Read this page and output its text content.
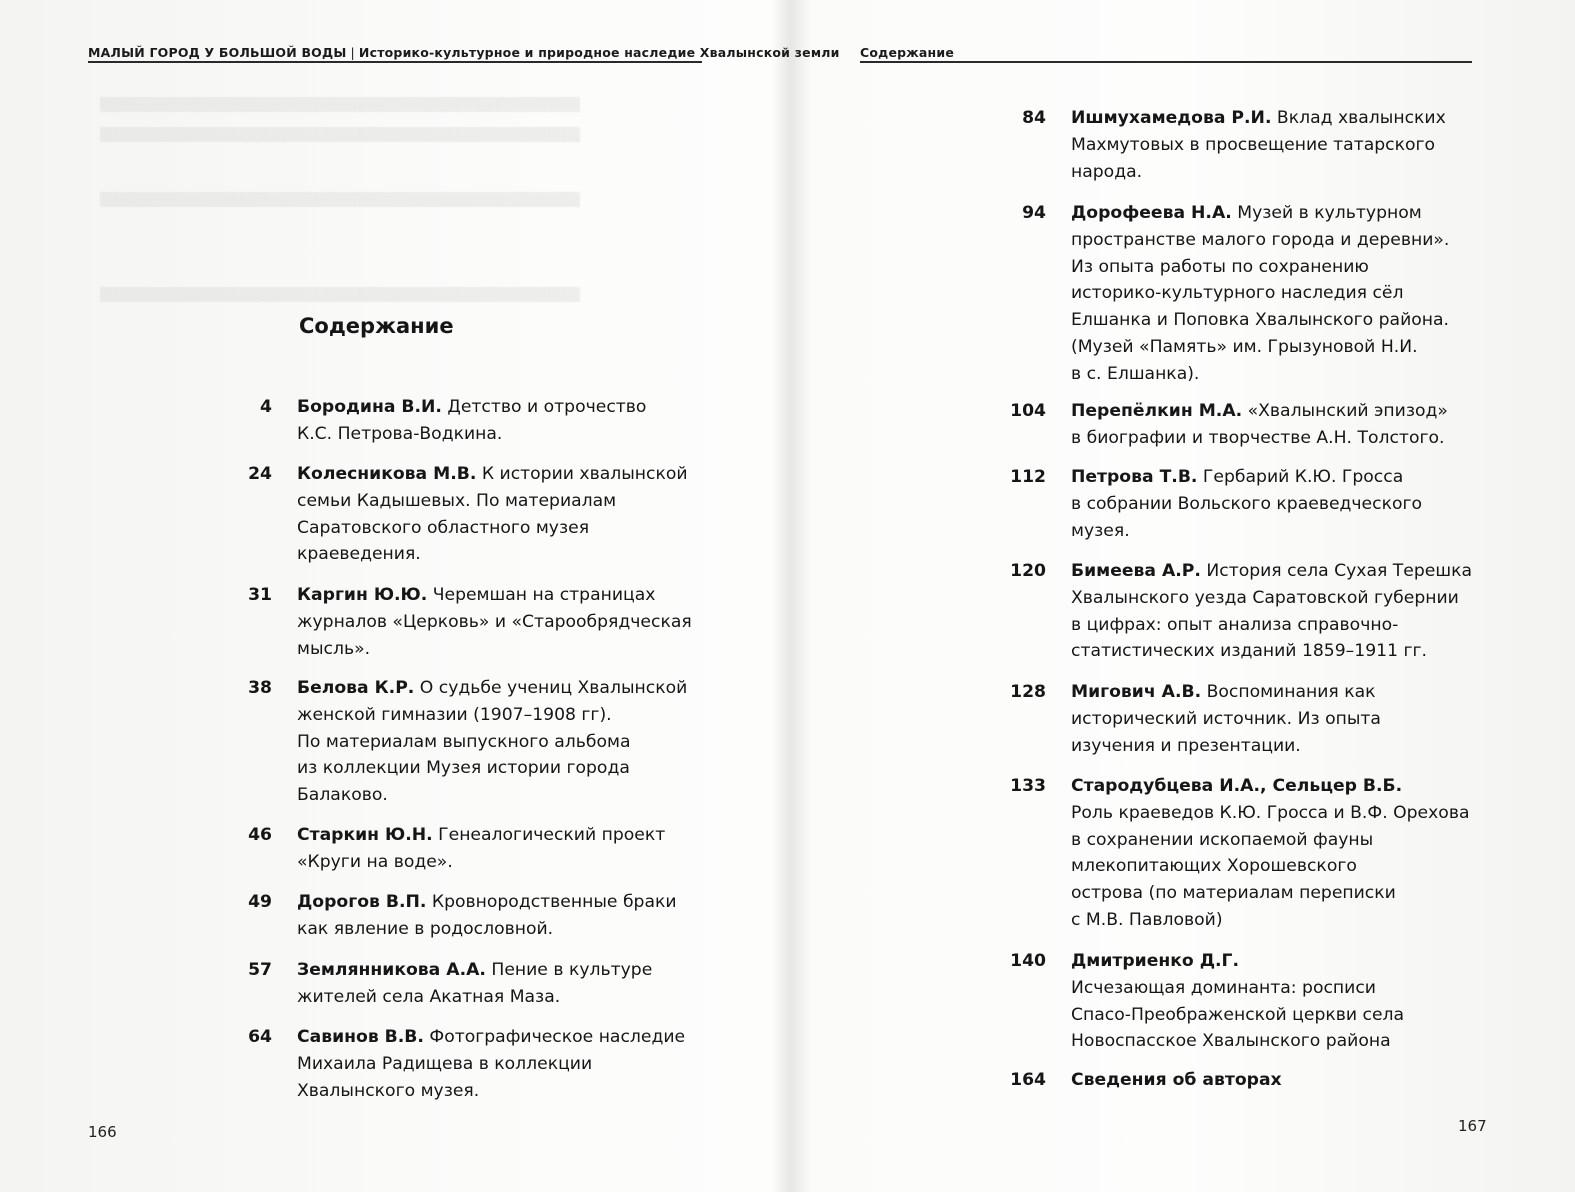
▒▒▒▒▒▒▒▒▒▒▒▒▒▒▒▒▒▒▒▒▒▒▒▒▒▒▒▒▒▒▒▒▒▒▒▒▒▒▒▒▒▒▒▒▒▒▒▒
▒▒▒▒▒▒▒▒▒▒▒▒▒▒▒▒▒▒▒▒▒▒▒▒▒▒▒▒▒▒▒▒▒▒▒▒▒▒▒▒▒▒▒▒▒▒▒▒
▒▒▒▒▒▒▒▒▒▒▒▒▒▒▒▒▒▒▒▒▒▒▒▒▒▒▒▒▒▒▒▒▒▒▒▒▒▒▒▒▒▒▒▒▒▒▒▒
▒▒▒▒▒▒▒▒▒▒▒▒▒▒▒▒▒▒▒▒▒▒▒▒▒▒▒▒▒▒▒▒▒▒▒▒▒▒▒▒▒▒▒▒▒▒▒▒
МАЛЫЙ ГОРОД У БОЛЬШОЙ ВОДЫ | Историко-культурное и природное наследие Хвалынской земли
Содержание
4 Бородина В.И. Детство и отрочество
К.С. Петрова-Водкина.
24 Колесникова М.В. К истории хвалынской
семьи Кадышевых. По материалам
Саратовского областного музея
краеведения.
31 Каргин Ю.Ю. Черемшан на страницах
журналов «Церковь» и «Старообрядческая
мысль».
38 Белова К.Р. О судьбе учениц Хвалынской
женской гимназии (1907–1908 гг).
По материалам выпускного альбома
из коллекции Музея истории города
Балаково.
46 Старкин Ю.Н. Генеалогический проект
«Круги на воде».
49 Дорогов В.П. Кровнородственные браки
как явление в родословной.
57 Землянникова А.А. Пение в культуре
жителей села Акатная Маза.
64 Савинов В.В. Фотографическое наследие
Михаила Радищева в коллекции
Хвалынского музея.
166
Содержание
84 Ишмухамедова Р.И. Вклад хвалынских
Махмутовых в просвещение татарского
народа.
94 Дорофеева Н.А. Музей в культурном
пространстве малого города и деревни».
Из опыта работы по сохранению
историко-культурного наследия сёл
Елшанка и Поповка Хвалынского района.
(Музей «Память» им. Грызуновой Н.И.
в с. Елшанка).
104 Перепёлкин М.А. «Хвалынский эпизод»
в биографии и творчестве А.Н. Толстого.
112 Петрова Т.В. Гербарий К.Ю. Гросса
в собрании Вольского краеведческого
музея.
120 Бимеева А.Р. История села Сухая Терешка
Хвалынского уезда Саратовской губернии
в цифрах: опыт анализа справочно-
статистических изданий 1859–1911 гг.
128 Мигович А.В. Воспоминания как
исторический источник. Из опыта
изучения и презентации.
133 Стародубцева И.А., Сельцер В.Б.
Роль краеведов К.Ю. Гросса и В.Ф. Орехова
в сохранении ископаемой фауны
млекопитающих Хорошевского
острова (по материалам переписки
с М.В. Павловой)
140 Дмитриенко Д.Г.
Исчезающая доминанта: росписи
Спасо-Преображенской церкви села
Новоспасское Хвалынского района
164 Сведения об авторах
167
